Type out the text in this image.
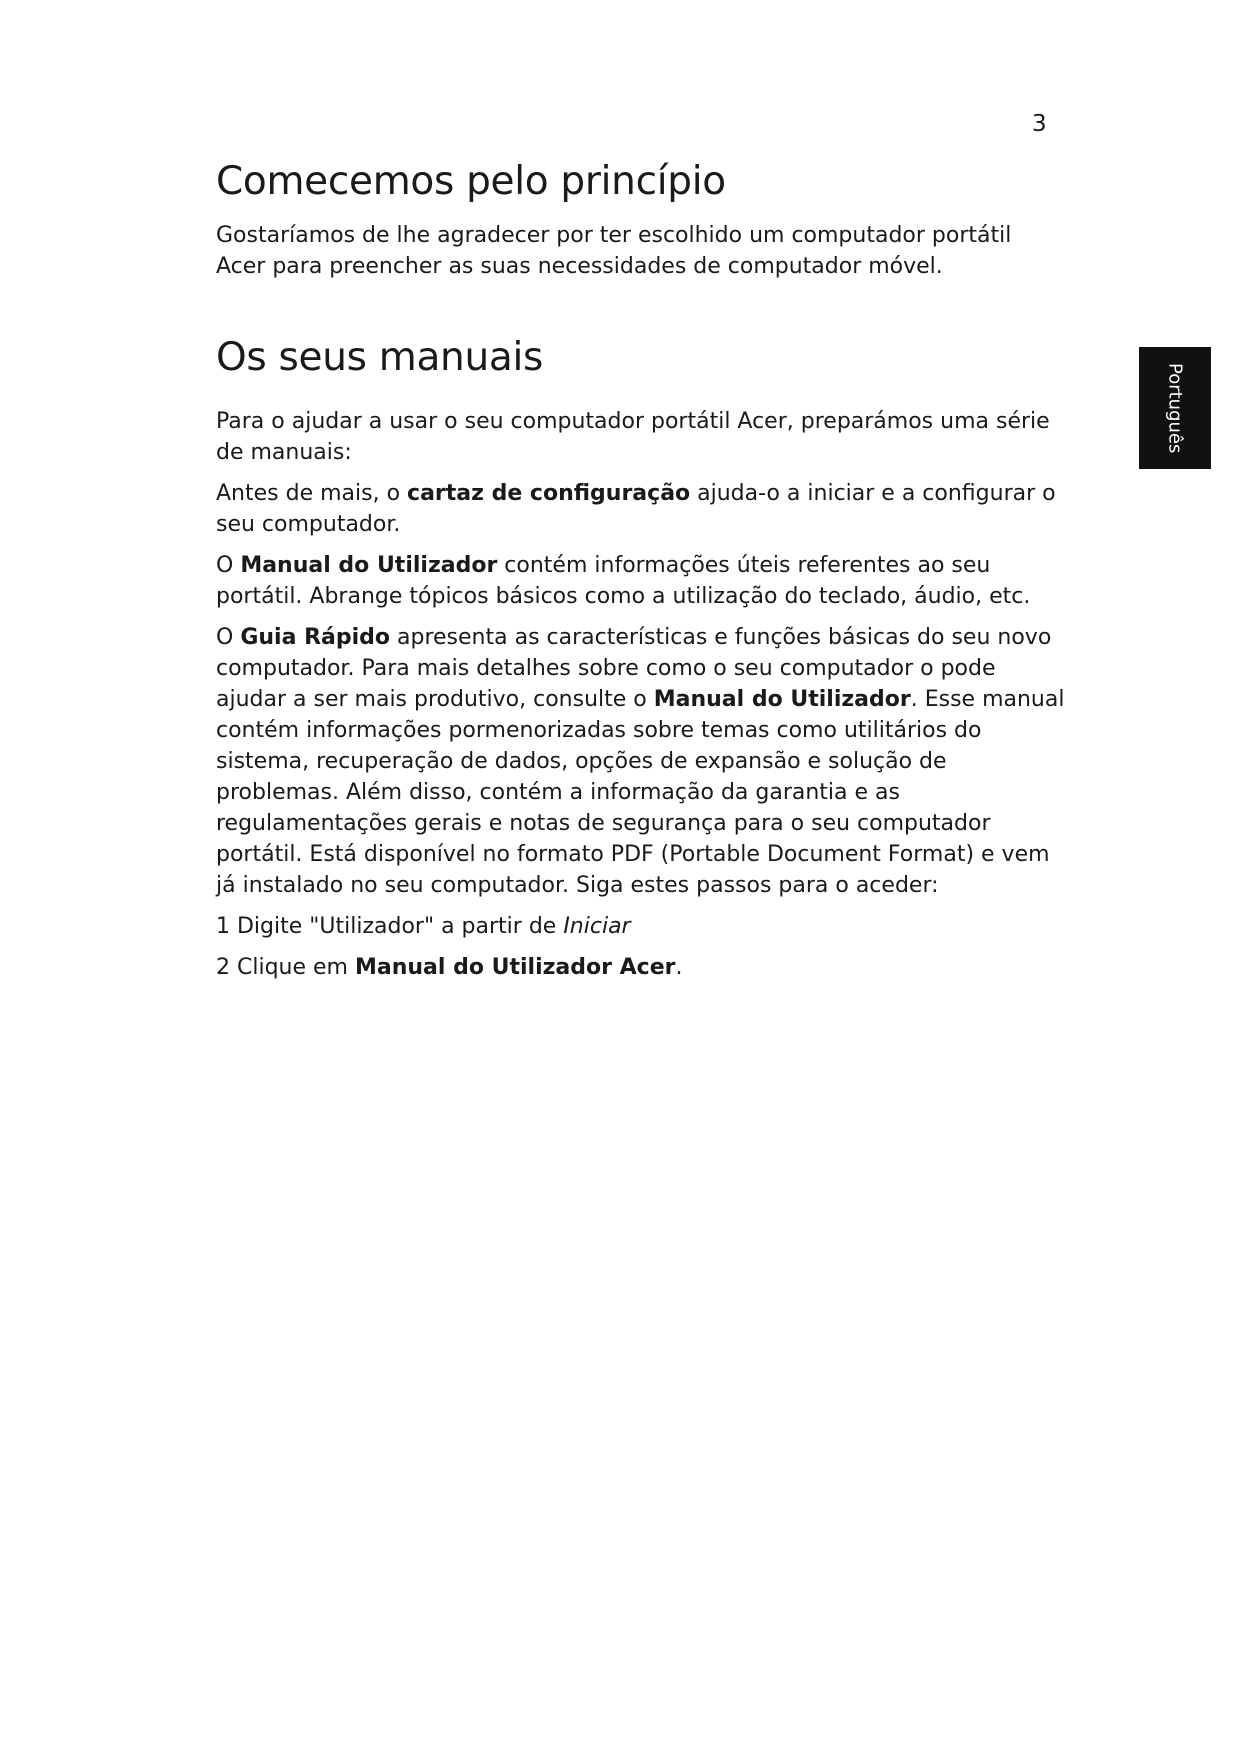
3
Português
Comecemos pelo princípio

Gostaríamos de lhe agradecer por ter escolhido um computador portátil Acer para preencher as suas necessidades de computador móvel.

Os seus manuais

Para o ajudar a usar o seu computador portátil Acer, preparámos uma série de manuais:

Antes de mais, o cartaz de configuração ajuda-o a iniciar e a configurar o seu computador.

O Manual do Utilizador contém informações úteis referentes ao seu portátil. Abrange tópicos básicos como a utilização do teclado, áudio, etc.

O Guia Rápido apresenta as características e funções básicas do seu novo computador. Para mais detalhes sobre como o seu computador o pode ajudar a ser mais produtivo, consulte o Manual do Utilizador. Esse manual contém informações pormenorizadas sobre temas como utilitários do sistema, recuperação de dados, opções de expansão e solução de problemas. Além disso, contém a informação da garantia e as regulamentações gerais e notas de segurança para o seu computador portátil. Está disponível no formato PDF (Portable Document Format) e vem já instalado no seu computador. Siga estes passos para o aceder:

1 Digite "Utilizador" a partir de Iniciar

2 Clique em Manual do Utilizador Acer.
